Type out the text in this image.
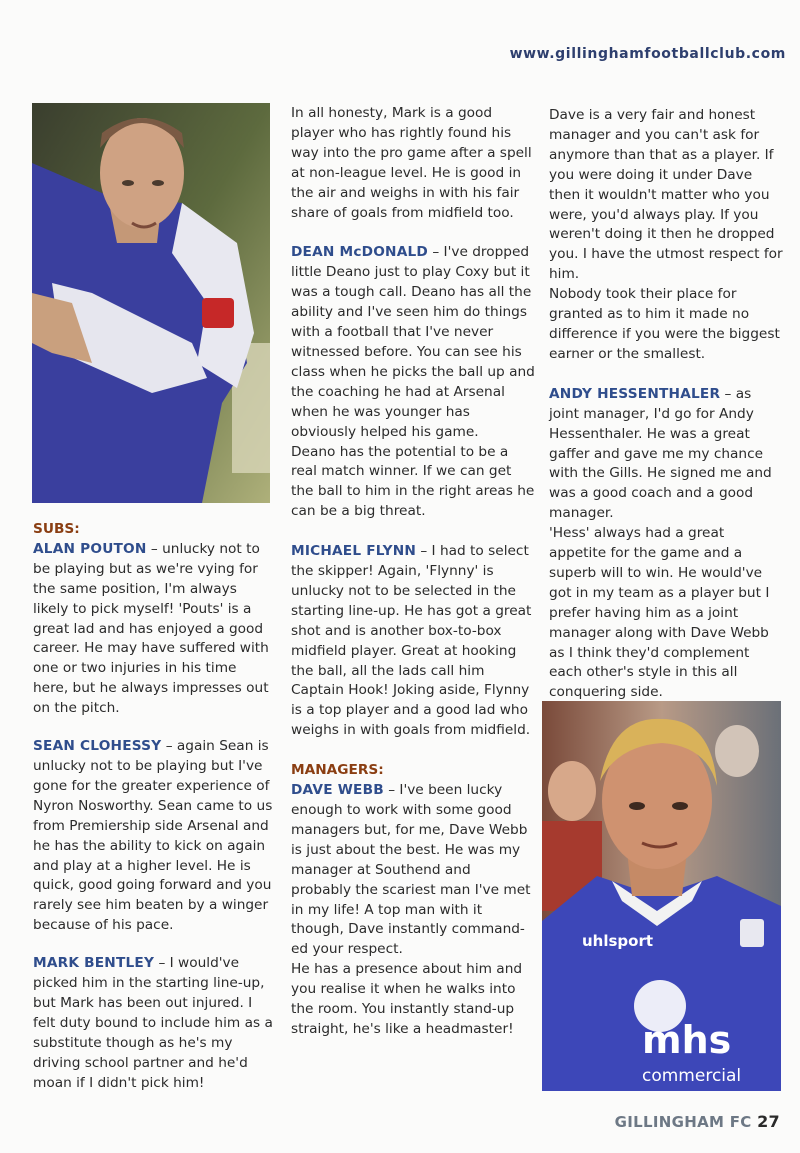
www.gillinghamfootballclub.com

SUBS:
ALAN POUTON – unlucky not to be playing but as we're vying for the same position, I'm always likely to pick myself! 'Pouts' is a great lad and has enjoyed a good career. He may have suffered with one or two injuries in his time here, but he always impresses out on the pitch.

SEAN CLOHESSY – again Sean is unlucky not to be playing but I've gone for the greater experience of Nyron Nosworthy. Sean came to us from Premiership side Arsenal and he has the ability to kick on again and play at a higher level. He is quick, good going forward and you rarely see him beaten by a winger because of his pace.

MARK BENTLEY – I would've picked him in the starting line-up, but Mark has been out injured. I felt duty bound to include him as a substitute though as he's my driving school partner and he'd moan if I didn't pick him!

In all honesty, Mark is a good player who has rightly found his way into the pro game after a spell at non-league level. He is good in the air and weighs in with his fair share of goals from midfield too.

DEAN McDONALD – I've dropped little Deano just to play Coxy but it was a tough call. Deano has all the ability and I've seen him do things with a football that I've never witnessed before. You can see his class when he picks the ball up and the coaching he had at Arsenal when he was younger has obviously helped his game.

Deano has the potential to be a real match winner. If we can get the ball to him in the right areas he can be a big threat.

MICHAEL FLYNN – I had to select the skipper! Again, 'Flynny' is unlucky not to be selected in the starting line-up. He has got a great shot and is another box-to-box midfield player. Great at hooking the ball, all the lads call him Captain Hook! Joking aside, Flynny is a top player and a good lad who weighs in with goals from midfield.

MANAGERS:
DAVE WEBB – I've been lucky enough to work with some good managers but, for me, Dave Webb is just about the best. He was my manager at Southend and probably the scariest man I've met in my life! A top man with it though, Dave instantly command-ed your respect.

He has a presence about him and you realise it when he walks into the room. You instantly stand-up straight, he's like a headmaster!

Dave is a very fair and honest manager and you can't ask for anymore than that as a player. If you were doing it under Dave then it wouldn't matter who you were, you'd always play. If you weren't doing it then he dropped you. I have the utmost respect for him.

Nobody took their place for granted as to him it made no difference if you were the biggest earner or the smallest.

ANDY HESSENTHALER – as joint manager, I'd go for Andy Hessenthaler. He was a great gaffer and gave me my chance with the Gills. He signed me and was a good coach and a good manager.

'Hess' always had a great appetite for the game and a superb will to win. He would've got in my team as a player but I prefer having him as a joint manager along with Dave Webb as I think they'd complement each other's style in this all conquering side.

uhlsport
mhs
commercial
GILLINGHAM FC 27
